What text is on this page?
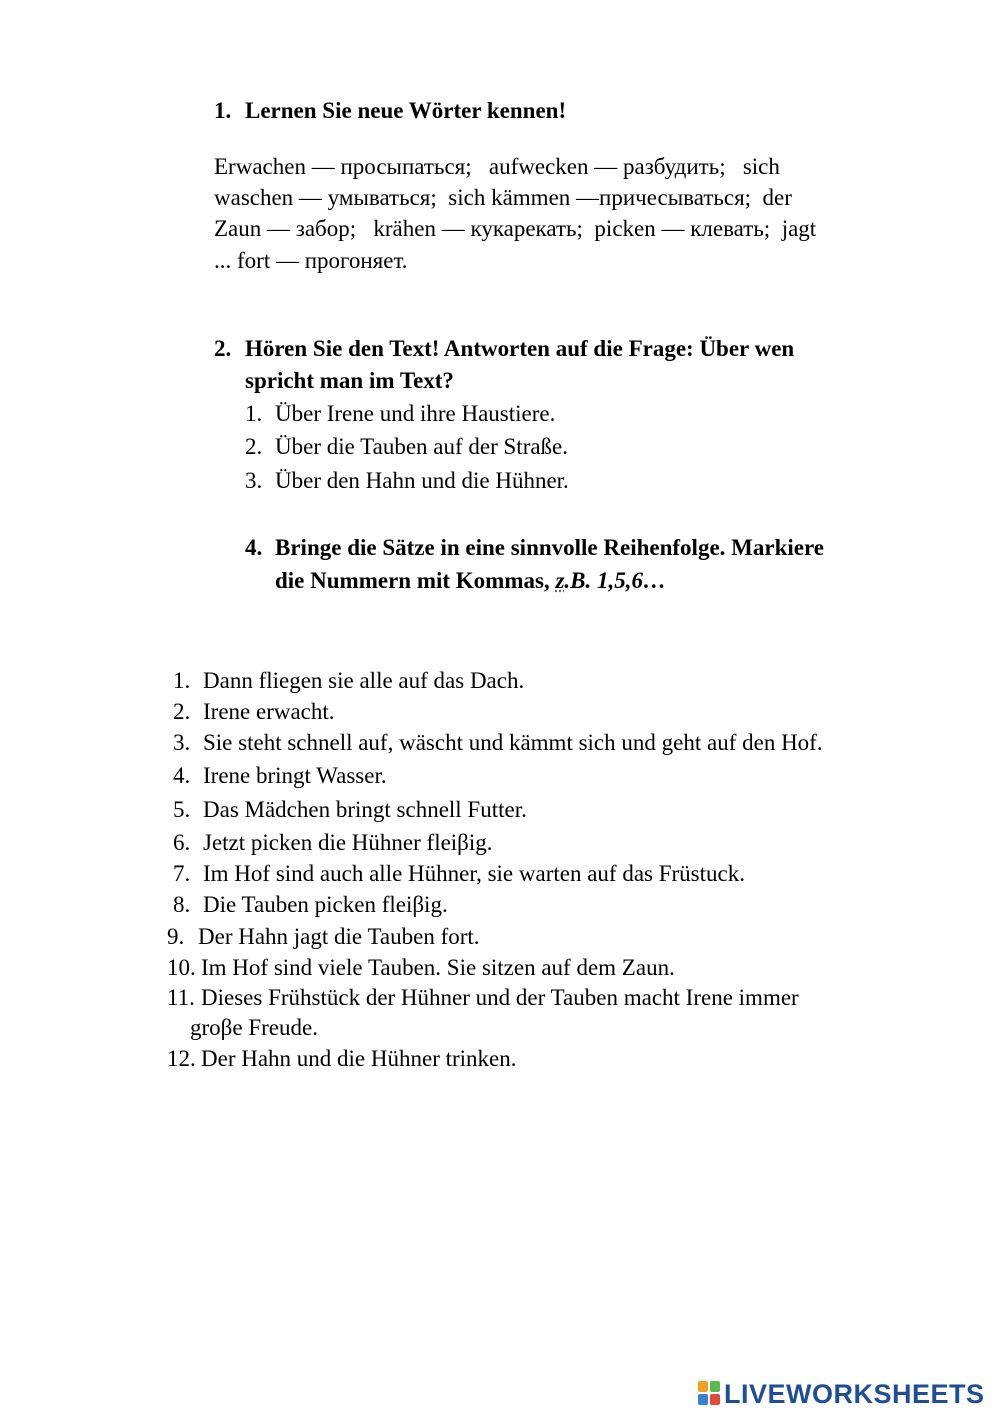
1. Lernen Sie neue Wörter kennen!
Erwachen — просыпаться;   aufwecken — разбудить;   sich
waschen — умываться;  sich kämmen —причесываться;  der
Zaun — забор;   krähen — кукарекать;  picken — клевать;  jagt
... fort — прогоняет.
2. Hören Sie den Text! Antworten auf die Frage: Über wen
spricht man im Text?
1. Über Irene und ihre Haustiere.
2. Über die Tauben auf der Straße.
3. Über den Hahn und die Hühner.
4. Bringe die Sätze in eine sinnvolle Reihenfolge. Markiere
die Nummern mit Kommas, z.B. 1,5,6…
1. Dann fliegen sie alle auf das Dach.
2. Irene erwacht.
3. Sie steht schnell auf, wäscht und kämmt sich und geht auf den Hof.
4. Irene bringt Wasser.
5. Das Mädchen bringt schnell Futter.
6. Jetzt picken die Hühner fleiβig.
7. Im Hof sind auch alle Hühner, sie warten auf das Früstuck.
8. Die Tauben picken fleiβig.
9. Der Hahn jagt die Tauben fort.
10. Im Hof sind viele Tauben. Sie sitzen auf dem Zaun.
11. Dieses Frühstück der Hühner und der Tauben macht Irene immer
groβe Freude.
12. Der Hahn und die Hühner trinken.
LIVEWORKSHEETS
